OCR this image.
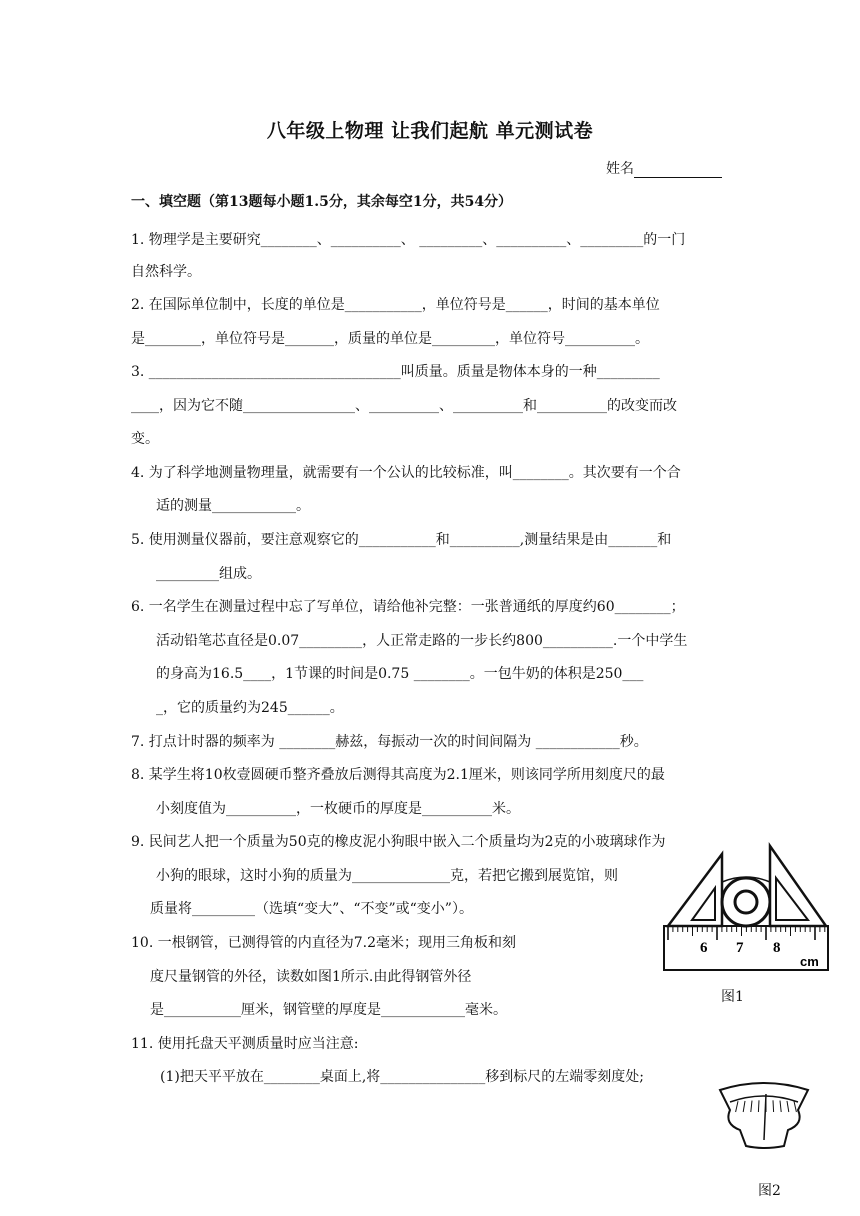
八年级上物理 让我们起航 单元测试卷
姓名
一、填空题（第13题每小题1.5分，其余每空1分，共54分）
1. 物理学是主要研究________、__________、 _________、__________、_________的一门
自然科学。
2. 在国际单位制中，长度的单位是___________，单位符号是______，时间的基本单位
是________，单位符号是_______，质量的单位是_________，单位符号__________。
3. ____________________________________叫质量。质量是物体本身的一种_________
____，因为它不随________________、__________、__________和__________的改变而改
变。
4. 为了科学地测量物理量，就需要有一个公认的比较标准，叫________。其次要有一个合
适的测量____________。
5. 使用测量仪器前，要注意观察它的___________和__________,测量结果是由_______和
_________组成。
6. 一名学生在测量过程中忘了写单位，请给他补完整：一张普通纸的厚度约60________；
活动铅笔芯直径是0.07_________，人正常走路的一步长约800__________.一个中学生
的身高为16.5____，1节课的时间是0.75 ________。一包牛奶的体积是250___
_，它的质量约为245______。
7. 打点计时器的频率为 ________赫兹，每振动一次的时间间隔为 ____________秒。
8. 某学生将10枚壹圆硬币整齐叠放后测得其高度为2.1厘米，则该同学所用刻度尺的最
小刻度值为__________，一枚硬币的厚度是__________米。
9. 民间艺人把一个质量为50克的橡皮泥小狗眼中嵌入二个质量均为2克的小玻璃球作为
小狗的眼球，这时小狗的质量为______________克，若把它搬到展览馆，则
质量将_________（选填“变大”、“不变”或“变小”）。
10. 一根钢管，已测得管的内直径为7.2毫米；现用三角板和刻
度尺量钢管的外径，读数如图1所示.由此得钢管外径
是___________厘米，钢管壁的厚度是____________毫米。
11. 使用托盘天平测质量时应当注意:
(1)把天平平放在________桌面上,将_______________移到标尺的左端零刻度处;
6 7 8
cm
图1
图2
